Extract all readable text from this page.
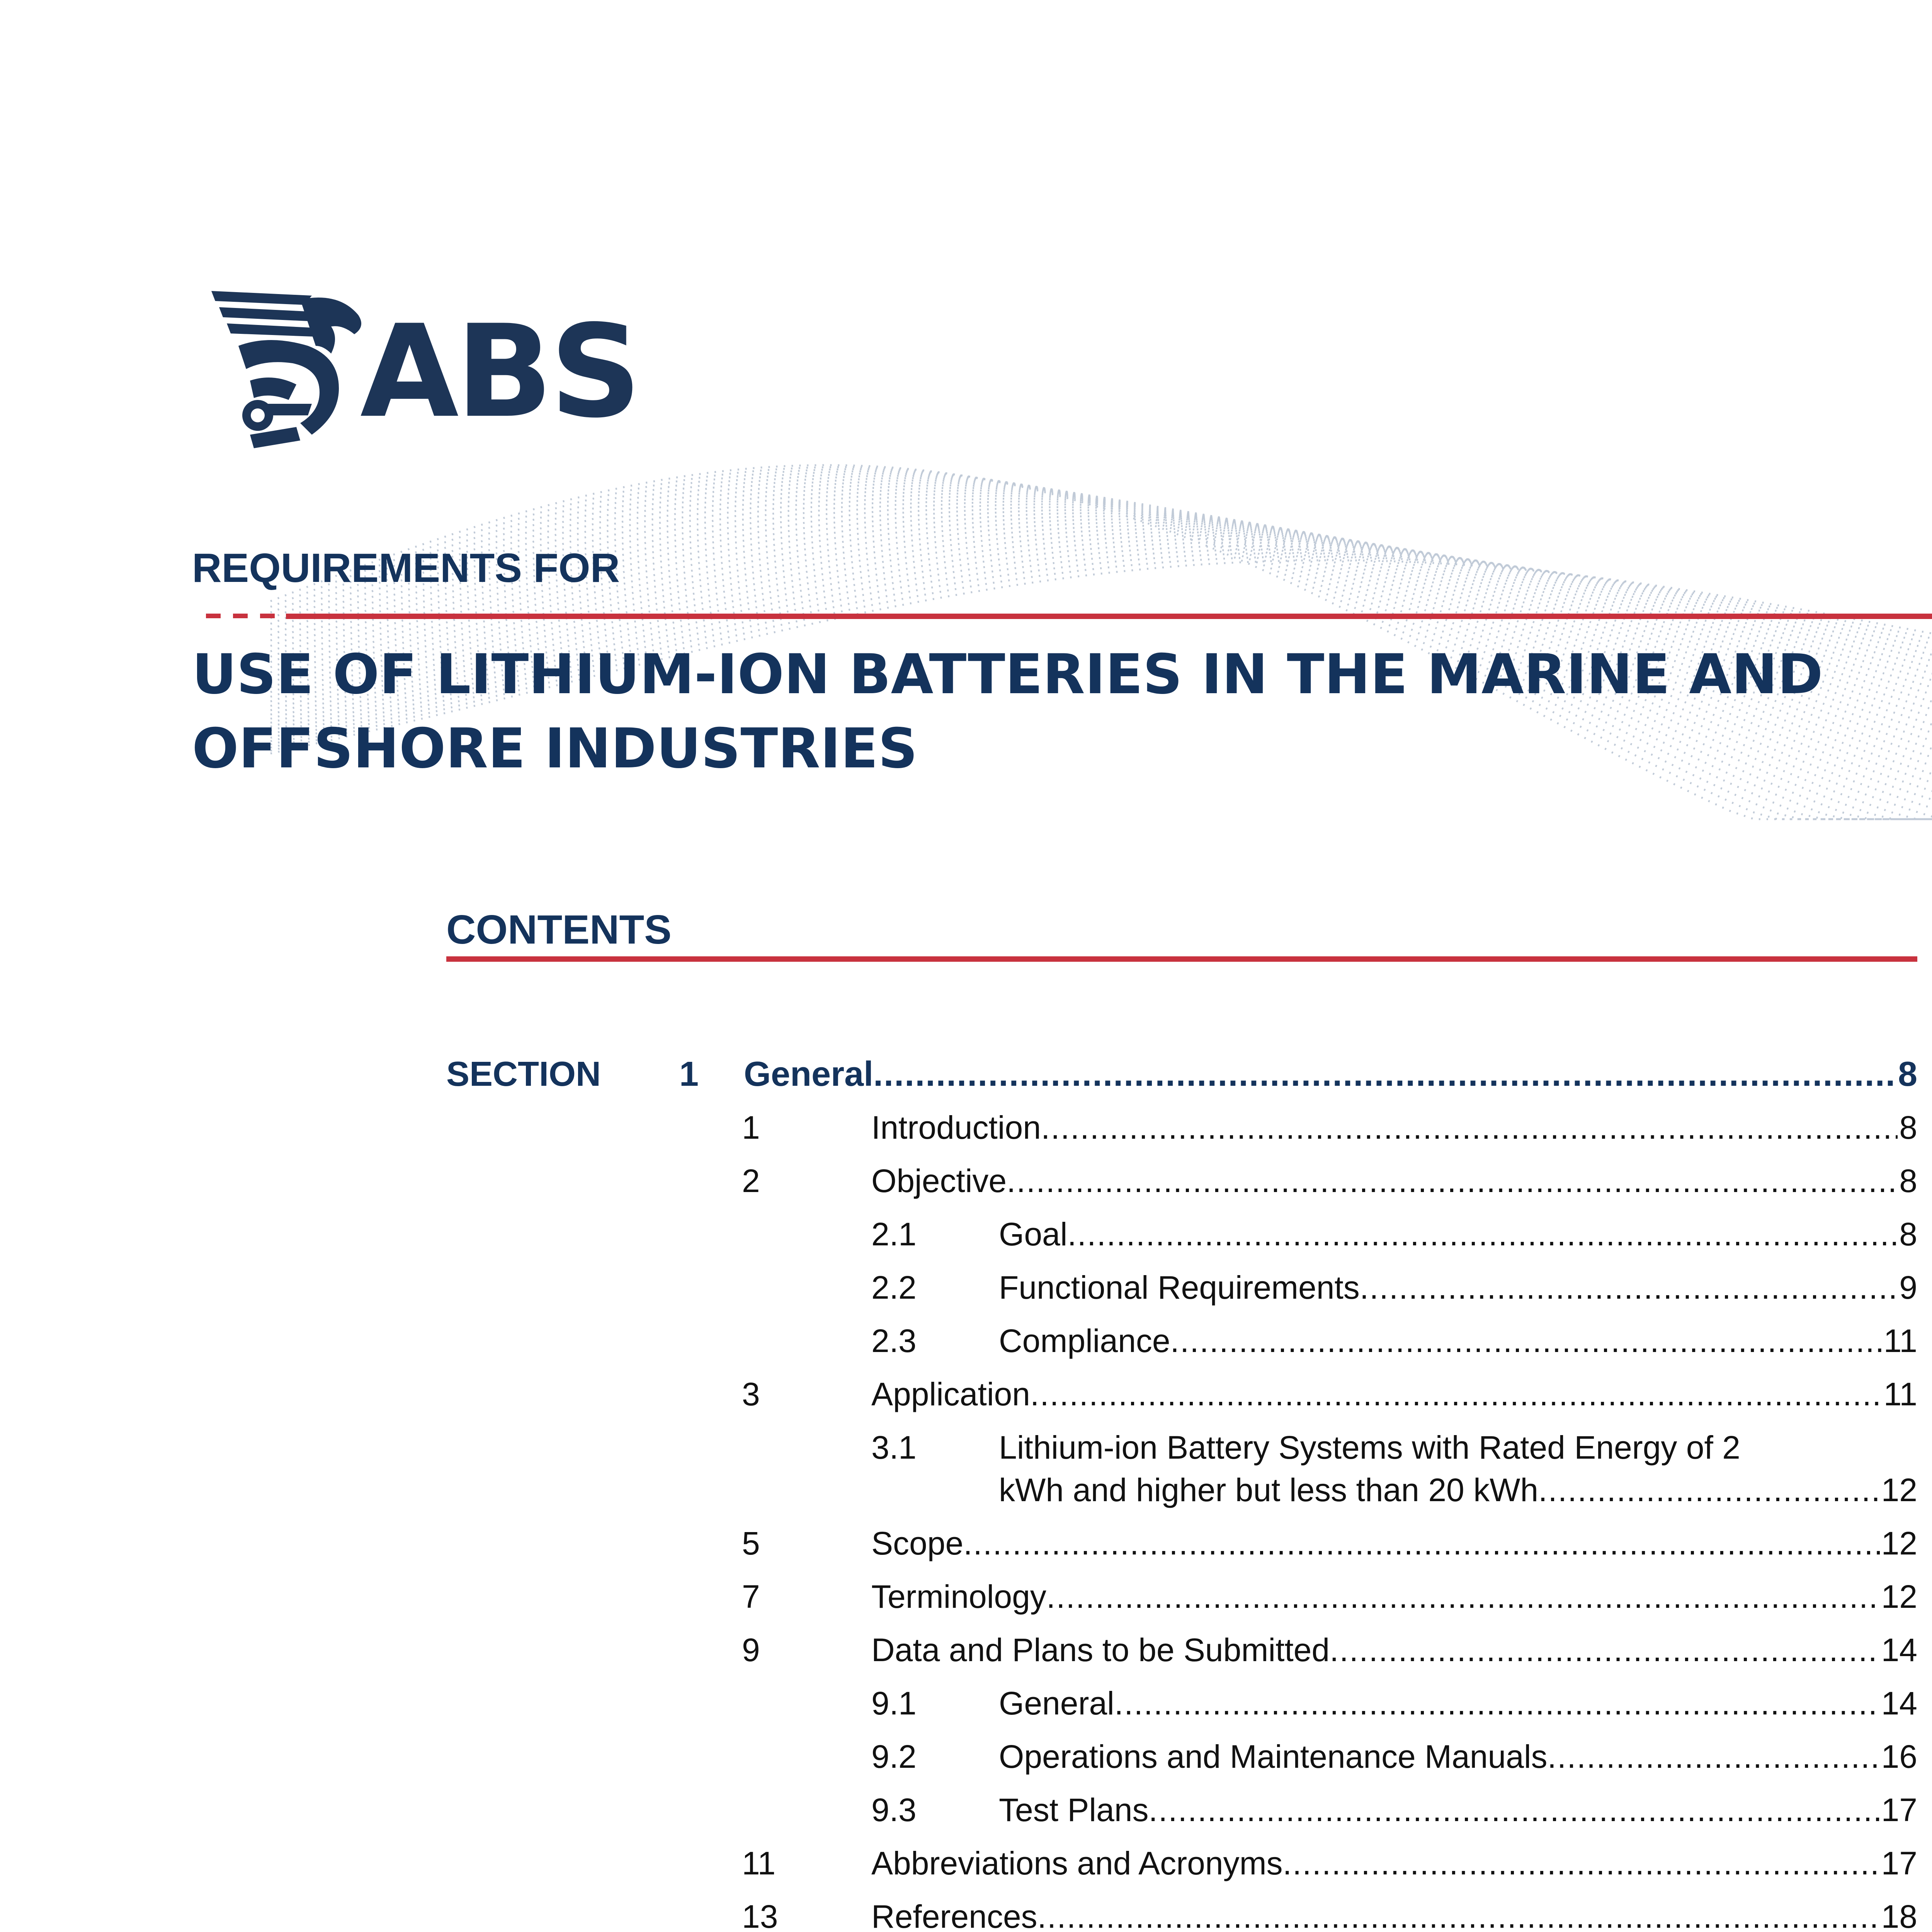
ABS
REQUIREMENTS FOR
USE OF LITHIUM-ION BATTERIES IN THE MARINE AND
OFFSHORE INDUSTRIES
CONTENTS
SECTION 1 General .....	8
1	Introduction .....	8
2	Objective .....	8
2.1	Goal .....	8
2.2	Functional Requirements .....	9
2.3	Compliance .....	11
3	Application .....	11
3.1	Lithium-ion Battery Systems with Rated Energy of 2
kWh and higher but less than 20 kWh .....	12
5	Scope .....	12
7	Terminology .....	12
9	Data and Plans to be Submitted .....	14
9.1	General .....	14
9.2	Operations and Maintenance Manuals .....	16
9.3	Test Plans .....	17
11	Abbreviations and Acronyms .....	17
13	References .....	18
